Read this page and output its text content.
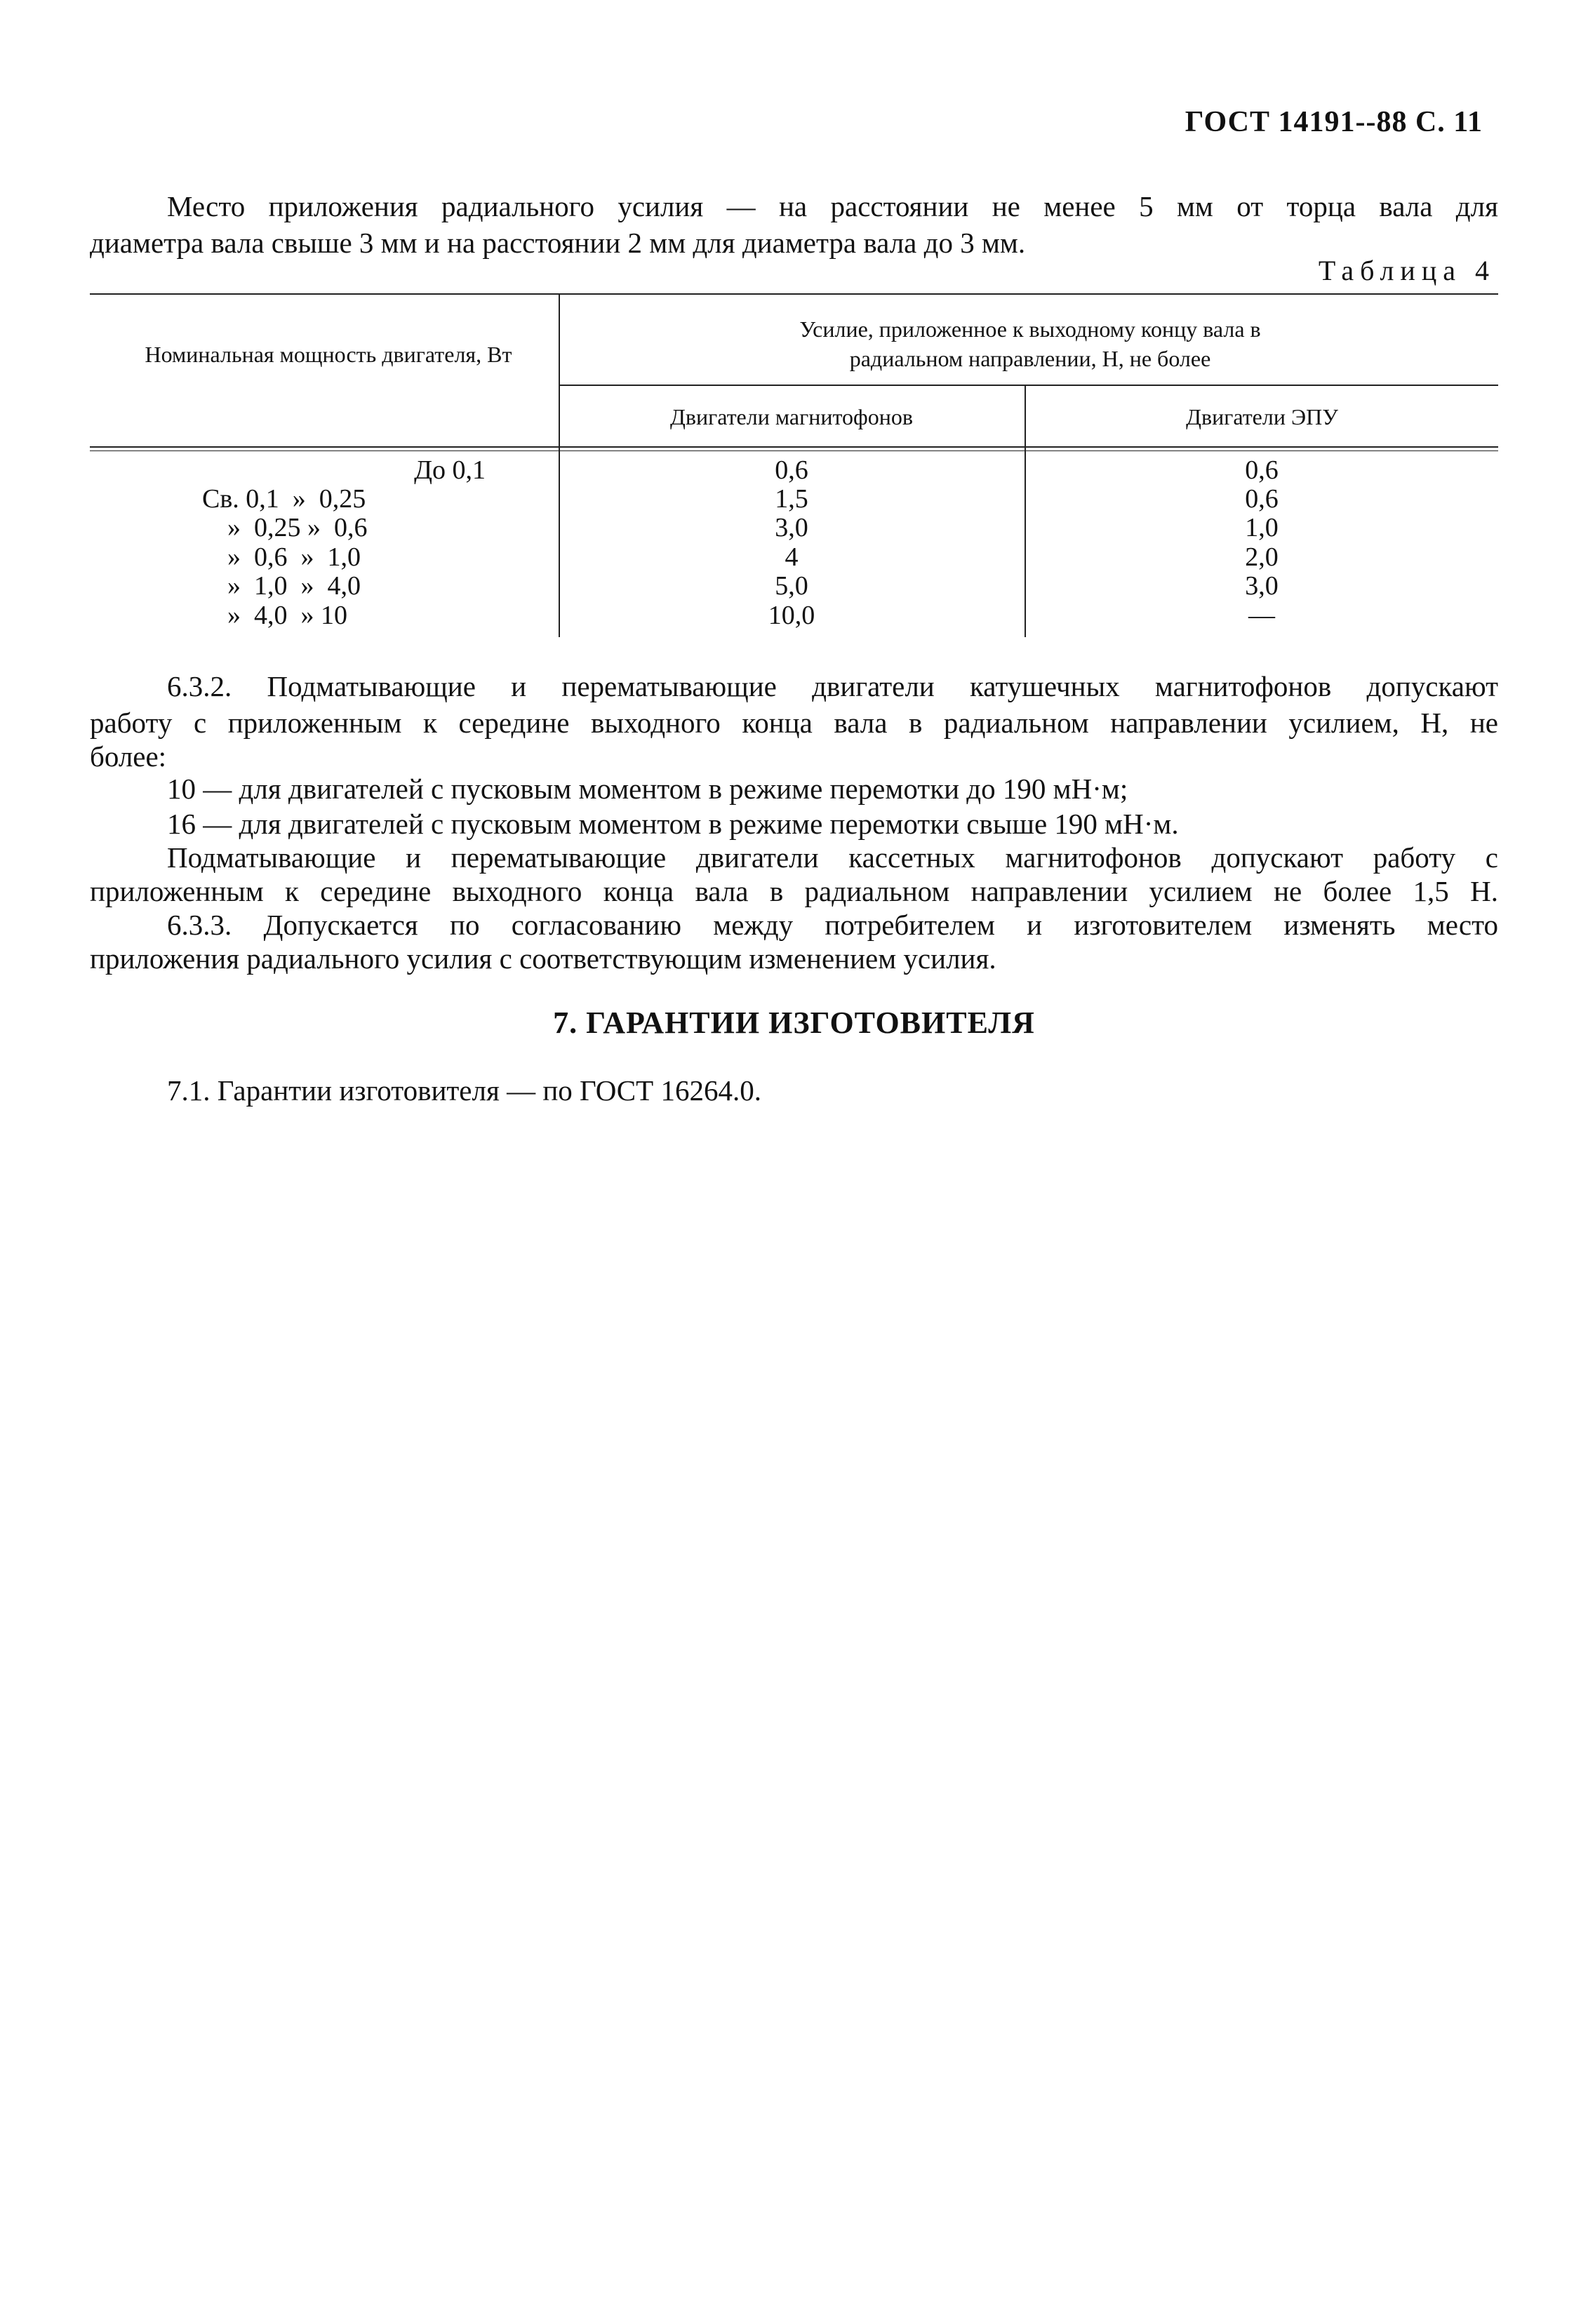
ГОСТ 14191--88 С. 11
Место приложения радиального усилия — на расстоянии не менее 5 мм от торца вала для
диаметра вала свыше 3 мм и на расстоянии 2 мм для диаметра вала до 3 мм.
Таблица 4
Номинальная мощность двигателя, Вт
Усилие, приложенное к выходному концу вала в радиальном направлении, Н, не более
Двигатели магнитофонов	Двигатели ЭПУ
До 0,1
Св. 0,1  »  0,25
»  0,25 »  0,6
»  0,6  »  1,0
»  1,0  »  4,0
»  4,0  » 10
0,6
1,5
3,0
4
5,0
10,0
0,6
0,6
1,0
2,0
3,0
—
6.3.2. Подматывающие и перематывающие двигатели катушечных магнитофонов допускают
работу с приложенным к середине выходного конца вала в радиальном направлении усилием, Н, не
более:
10 — для двигателей с пусковым моментом в режиме перемотки до 190 мН·м;
16 — для двигателей с пусковым моментом в режиме перемотки свыше 190 мН·м.
Подматывающие и перематывающие двигатели кассетных магнитофонов допускают работу с
приложенным к середине выходного конца вала в радиальном направлении усилием не более 1,5 Н.
6.3.3. Допускается по согласованию между потребителем и изготовителем изменять место
приложения радиального усилия с соответствующим изменением усилия.
7. ГАРАНТИИ ИЗГОТОВИТЕЛЯ
7.1. Гарантии изготовителя — по ГОСТ 16264.0.
